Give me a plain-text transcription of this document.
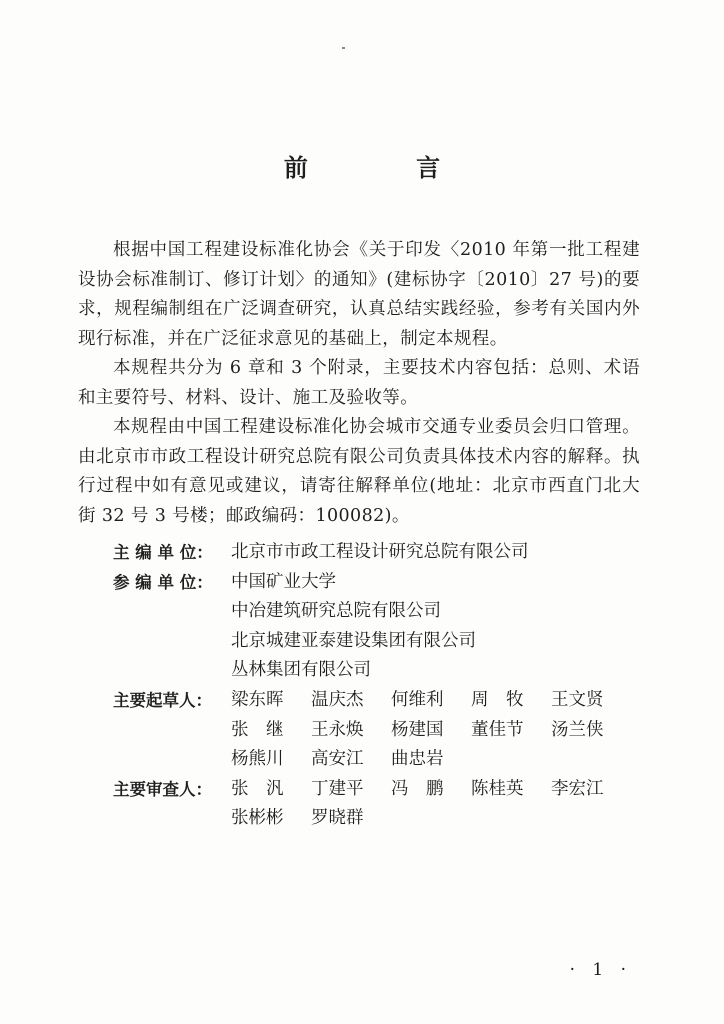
前 言

根据中国工程建设标准化协会《关于印发〈2010 年第一批工程建设协会标准制订、修订计划〉的通知》(建标协字〔2010〕27 号)的要求，规程编制组在广泛调查研究，认真总结实践经验，参考有关国内外现行标准，并在广泛征求意见的基础上，制定本规程。

本规程共分为 6 章和 3 个附录，主要技术内容包括：总则、术语和主要符号、材料、设计、施工及验收等。

本规程由中国工程建设标准化协会城市交通专业委员会归口管理。由北京市市政工程设计研究总院有限公司负责具体技术内容的解释。执行过程中如有意见或建议，请寄往解释单位(地址：北京市西直门北大街 32 号 3 号楼；邮政编码：100082)。

主 编 单 位：	北京市市政工程设计研究总院有限公司
参 编 单 位：	中国矿业大学
中冶建筑研究总院有限公司
北京城建亚泰建设集团有限公司
丛林集团有限公司
主要起草人：	梁东晖	温庆杰	何维利	周　牧	王文贤
张　继	王永焕	杨建国	董佳节	汤兰侠
杨熊川	高安江	曲忠岩
主要审查人：	张　汎	丁建平	冯　鹏	陈桂英	李宏江
张彬彬	罗晓群
· 1 ·
